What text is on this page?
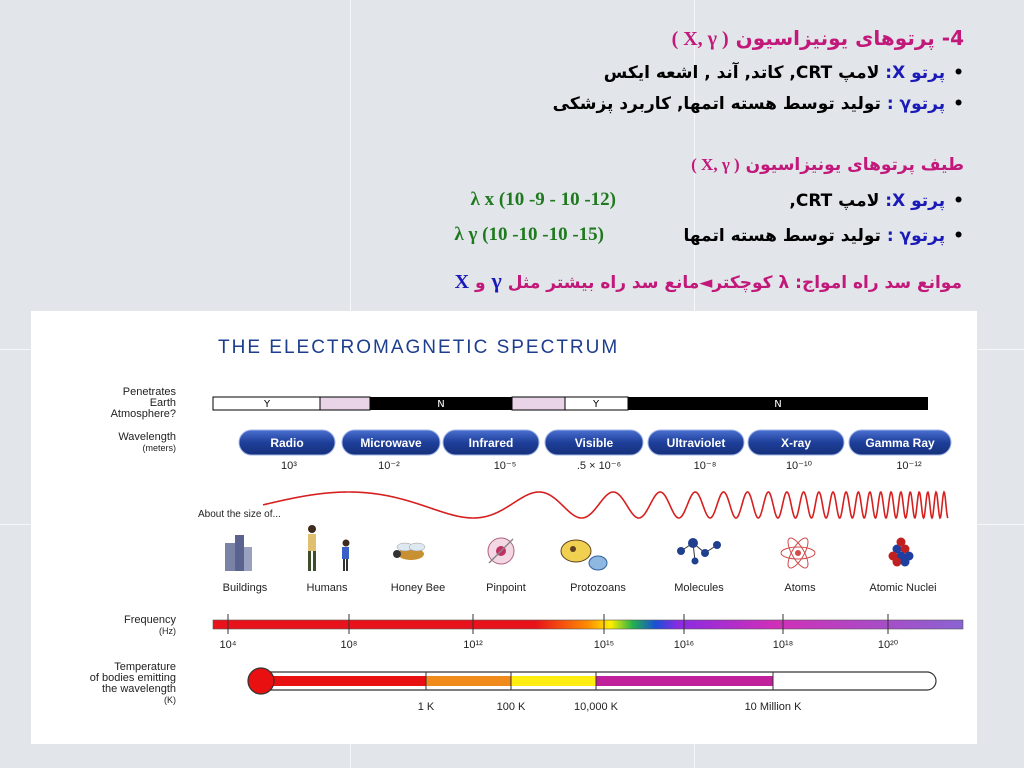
4- پرتوهای یونیزاسیون ( X, γ )
•پرتو X: لامپ CRT, کاتد, آند , اشعه ایکس
•پرتوγ : تولید توسط هسته اتمها, کاربرد پزشکی
طیف پرتوهای یونیزاسیون ( X, γ )
•پرتو X: لامپ CRT,
λ x (10 -9 - 10 -12)
•پرتوγ : تولید توسط هسته اتمها
λ γ (10 -10 -10 -15)
موانع سد راه امواج: λ کوچکتر◄مانع سد راه بیشتر مثل γ و X
THE ELECTROMAGNETIC SPECTRUM
Penetrates
Earth
Atmosphere?
Y	N	Y	N
Wavelength
(meters)	Radio	Microwave	Infrared	Visible	Ultraviolet	X-ray	Gamma Ray
10³	10⁻²	10⁻⁵	.5 × 10⁻⁶	10⁻⁸	10⁻¹⁰	10⁻¹²
About the size of...
Buildings	Humans	Honey Bee	Pinpoint	Protozoans	Molecules	Atoms	Atomic Nuclei
Frequency
(Hz)
10⁴	10⁸	10¹²	10¹⁵	10¹⁶	10¹⁸	10²⁰
Temperature
of bodies emitting
the wavelength
(K)
1 K	100 K	10,000 K	10 Million K
